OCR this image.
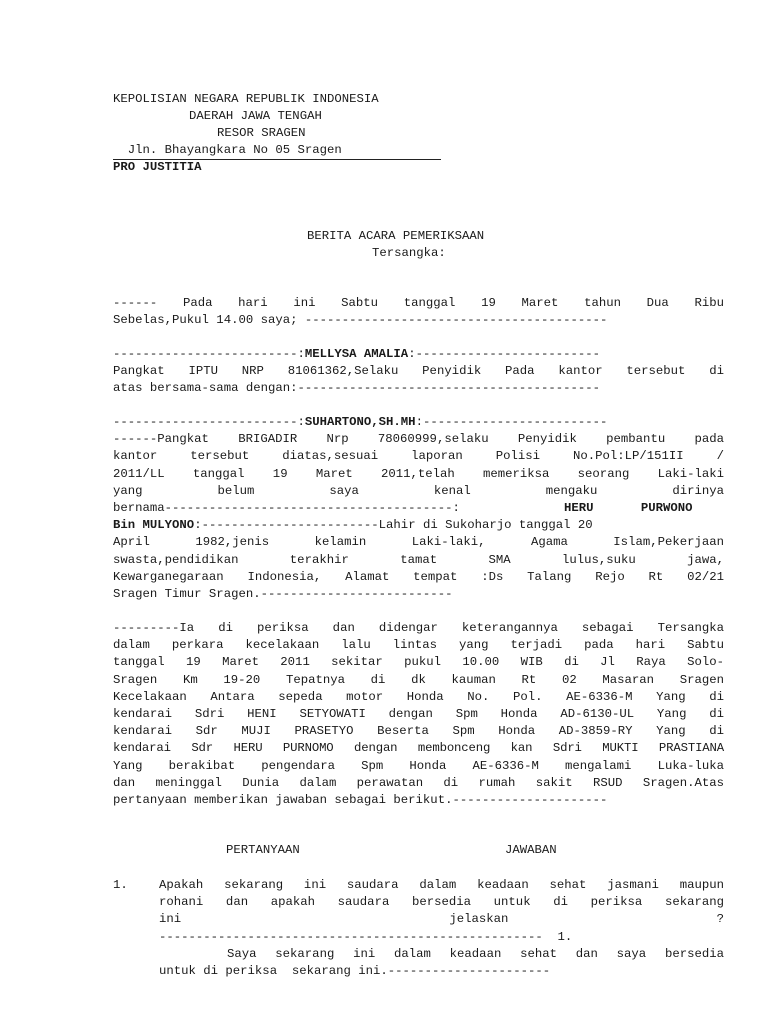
KEPOLISIAN NEGARA REPUBLIK INDONESIA
DAERAH JAWA TENGAH
RESOR SRAGEN
Jln. Bhayangkara No 05 Sragen
PRO JUSTITIA
BERITA ACARA PEMERIKSAAN
Tersangka:

------ Pada hari ini Sabtu tanggal 19 Maret tahun Dua Ribu

Sebelas,Pukul 14.00 saya; -----------------------------------------

-------------------------:MELLYSA AMALIA:-------------------------

Pangkat IPTU NRP 81061362,Selaku Penyidik Pada kantor tersebut di

atas bersama-sama dengan:-----------------------------------------

-------------------------:SUHARTONO,SH.MH:-------------------------

------Pangkat BRIGADIR Nrp 78060999,selaku Penyidik pembantu pada

kantor tersebut diatas,sesuai laporan Polisi No.Pol:LP/151II /

2011/LL tanggal 19 Maret 2011,telah memeriksa seorang Laki-laki

yang belum saya kenal mengaku dirinya

bernama---------------------------------------:	HERU PURWONO

Bin MULYONO:------------------------Lahir di Sukoharjo tanggal 20

April 1982,jenis kelamin Laki-laki, Agama Islam,Pekerjaan

swasta,pendidikan terakhir tamat SMA lulus,suku jawa,

Kewarganegaraan Indonesia, Alamat tempat :Ds Talang Rejo Rt 02/21

Sragen Timur Sragen.--------------------------

---------Ia di periksa dan didengar keterangannya sebagai Tersangka

dalam perkara kecelakaan lalu lintas yang terjadi pada hari Sabtu

tanggal 19 Maret 2011 sekitar pukul 10.00 WIB di Jl Raya Solo-

Sragen Km 19-20 Tepatnya di dk kauman Rt 02 Masaran Sragen

Kecelakaan Antara sepeda motor Honda No. Pol. AE-6336-M Yang di

kendarai Sdri HENI SETYOWATI dengan Spm Honda AD-6130-UL Yang di

kendarai Sdr MUJI PRASETYO Beserta Spm Honda AD-3859-RY Yang di

kendarai Sdr HERU PURNOMO dengan membonceng kan Sdri MUKTI PRASTIANA

Yang berakibat pengendara Spm Honda AE-6336-M mengalami Luka-luka

dan meninggal Dunia dalam perawatan di rumah sakit RSUD Sragen.Atas

pertanyaan memberikan jawaban sebagai berikut.---------------------

PERTANYAAN	JAWABAN
1.	Apakah sekarang ini saudara dalam keadaan sehat jasmani maupun

rohani dan apakah saudara bersedia untuk di periksa sekarang

ini	jelaskan	?

----------------------------------------------------  1.

Saya sekarang ini dalam keadaan sehat dan saya bersedia

untuk di periksa  sekarang ini.----------------------
